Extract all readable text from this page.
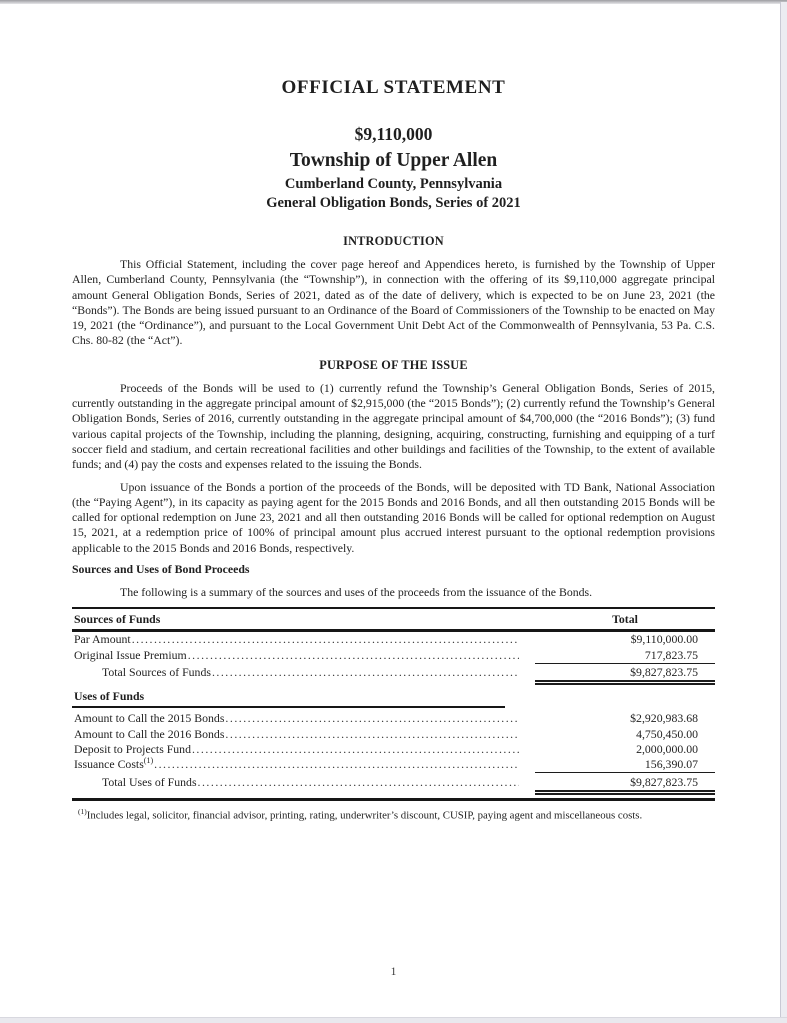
OFFICIAL STATEMENT
$9,110,000
Township of Upper Allen
Cumberland County, Pennsylvania
General Obligation Bonds, Series of 2021
INTRODUCTION

This Official Statement, including the cover page hereof and Appendices hereto, is furnished by the Township of Upper Allen, Cumberland County, Pennsylvania (the “Township”), in connection with the offering of its $9,110,000 aggregate principal amount General Obligation Bonds, Series of 2021, dated as of the date of delivery, which is expected to be on June 23, 2021 (the “Bonds”). The Bonds are being issued pursuant to an Ordinance of the Board of Commissioners of the Township to be enacted on May 19, 2021 (the “Ordinance”), and pursuant to the Local Government Unit Debt Act of the Commonwealth of Pennsylvania, 53 Pa. C.S. Chs. 80-82 (the “Act”).

PURPOSE OF THE ISSUE

Proceeds of the Bonds will be used to (1) currently refund the Township’s General Obligation Bonds, Series of 2015, currently outstanding in the aggregate principal amount of $2,915,000 (the “2015 Bonds”); (2) currently refund the Township’s General Obligation Bonds, Series of 2016, currently outstanding in the aggregate principal amount of $4,700,000 (the “2016 Bonds”); (3) fund various capital projects of the Township, including the planning, designing, acquiring, constructing, furnishing and equipping of a turf soccer field and stadium, and certain recreational facilities and other buildings and facilities of the Township, to the extent of available funds; and (4) pay the costs and expenses related to the issuing the Bonds.

Upon issuance of the Bonds a portion of the proceeds of the Bonds, will be deposited with TD Bank, National Association (the “Paying Agent”), in its capacity as paying agent for the 2015 Bonds and 2016 Bonds, and all then outstanding 2015 Bonds will be called for optional redemption on June 23, 2021 and all then outstanding 2016 Bonds will be called for optional redemption on August 15, 2021, at a redemption price of 100% of principal amount plus accrued interest pursuant to the optional redemption provisions applicable to the 2015 Bonds and 2016 Bonds, respectively.

Sources and Uses of Bond Proceeds

The following is a summary of the sources and uses of the proceeds from the issuance of the Bonds.

Sources of Funds	Total
Par Amount .....	$9,110,000.00
Original Issue Premium .....	717,823.75
Total Sources of Funds .....	$9,827,823.75
Uses of Funds
Amount to Call the 2015 Bonds .....	$2,920,983.68
Amount to Call the 2016 Bonds .....	4,750,450.00
Deposit to Projects Fund .....	2,000,000.00
Issuance Costs$^{(1)}$ .....	156,390.07
Total Uses of Funds .....	$9,827,823.75

$^{(1)}$Includes legal, solicitor, financial advisor, printing, rating, underwriter’s discount, CUSIP, paying agent and miscellaneous costs.

1
